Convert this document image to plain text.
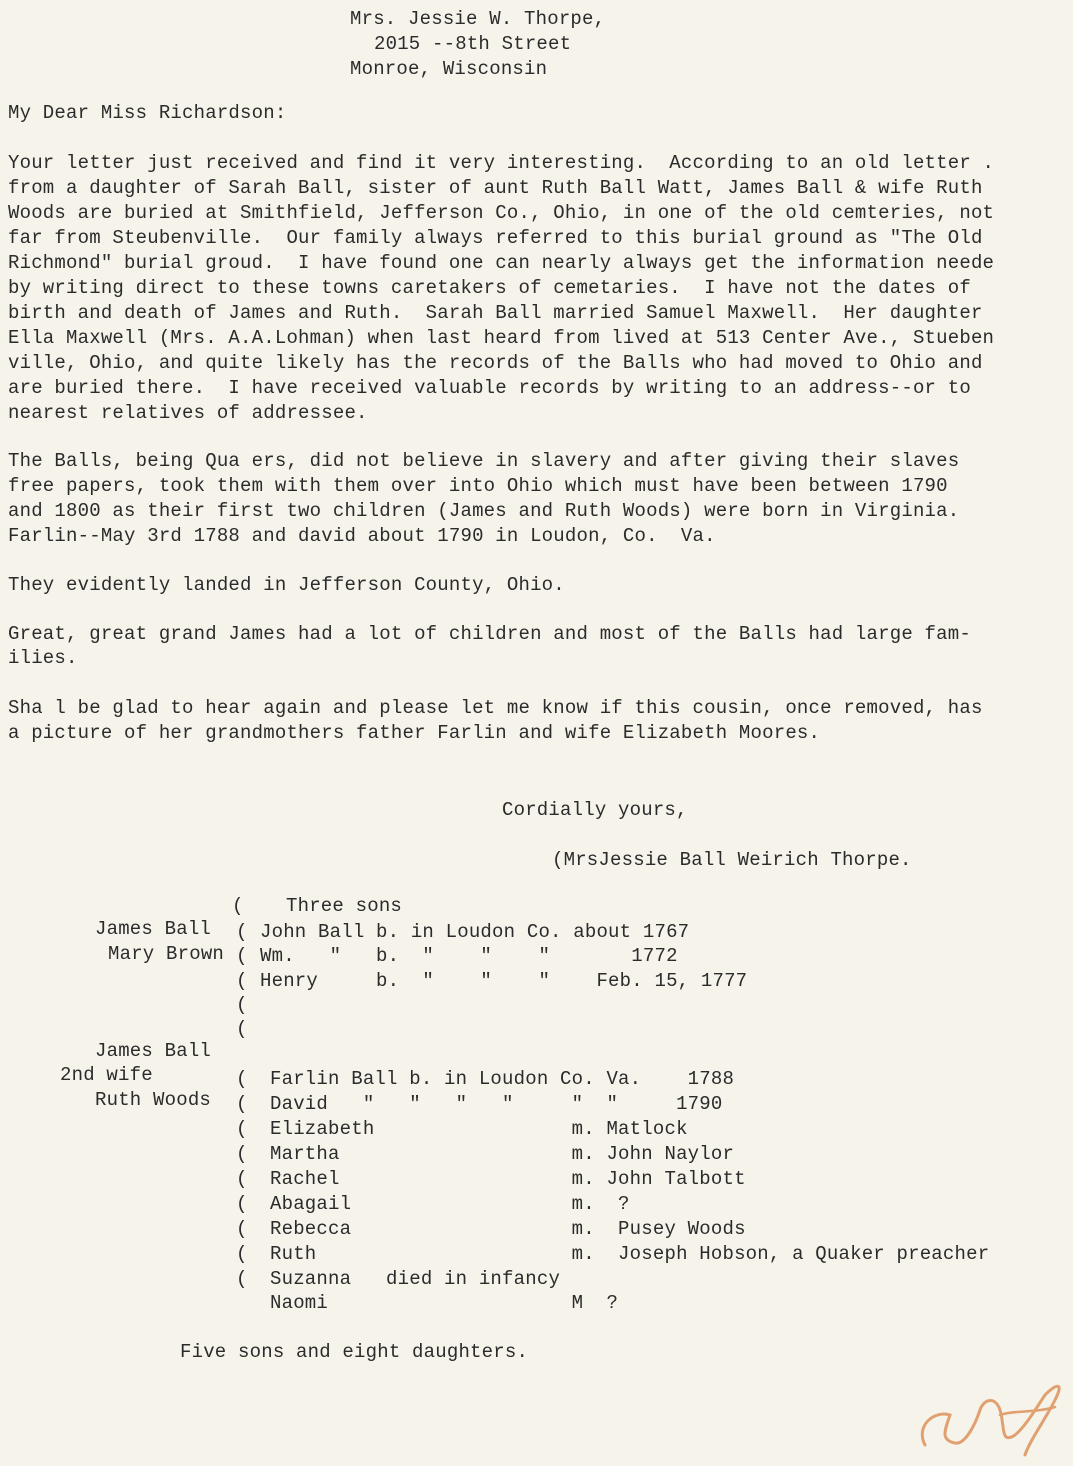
Mrs. Jessie W. Thorpe,
2015 --8th Street
Monroe, Wisconsin
My Dear Miss Richardson:
Your letter just received and find it very interesting.  According to an old letter .
from a daughter of Sarah Ball, sister of aunt Ruth Ball Watt, James Ball & wife Ruth
Woods are buried at Smithfield, Jefferson Co., Ohio, in one of the old cemteries, not
far from Steubenville.  Our family always referred to this burial ground as "The Old
Richmond" burial groud.  I have found one can nearly always get the information neede
by writing direct to these towns caretakers of cemetaries.  I have not the dates of
birth and death of James and Ruth.  Sarah Ball married Samuel Maxwell.  Her daughter
Ella Maxwell (Mrs. A.A.Lohman) when last heard from lived at 513 Center Ave., Stueben
ville, Ohio, and quite likely has the records of the Balls who had moved to Ohio and
are buried there.  I have received valuable records by writing to an address--or to
nearest relatives of addressee.
The Balls, being Qua ers, did not believe in slavery and after giving their slaves
free papers, took them with them over into Ohio which must have been between 1790
and 1800 as their first two children (James and Ruth Woods) were born in Virginia.
Farlin--May 3rd 1788 and david about 1790 in Loudon, Co.  Va.
They evidently landed in Jefferson County, Ohio.
Great, great grand James had a lot of children and most of the Balls had large fam-
ilies.
Sha l be glad to hear again and please let me know if this cousin, once removed, has
a picture of her grandmothers father Farlin and wife Elizabeth Moores.
Cordially yours,
(MrsJessie Ball Weirich Thorpe.
( Three sons
James Ball ( John Ball b. in Loudon Co. about 1767
Mary Brown ( Wm.   "   b.  "    "    "       1772
( Henry     b.  "    "    "    Feb. 15, 1777
(
(
James Ball
2nd wife
Ruth Woods
( Farlin Ball b. in Loudon Co. Va.    1788
( David   "   "   "   "     "  "     1790
( Elizabeth                 m. Matlock
( Martha                    m. John Naylor
( Rachel                    m. John Talbott
( Abagail                   m.  ?
( Rebecca                   m.  Pusey Woods
( Ruth                      m.  Joseph Hobson, a Quaker preacher
( Suzanna   died in infancy
Naomi                     M  ?
Five sons and eight daughters.
